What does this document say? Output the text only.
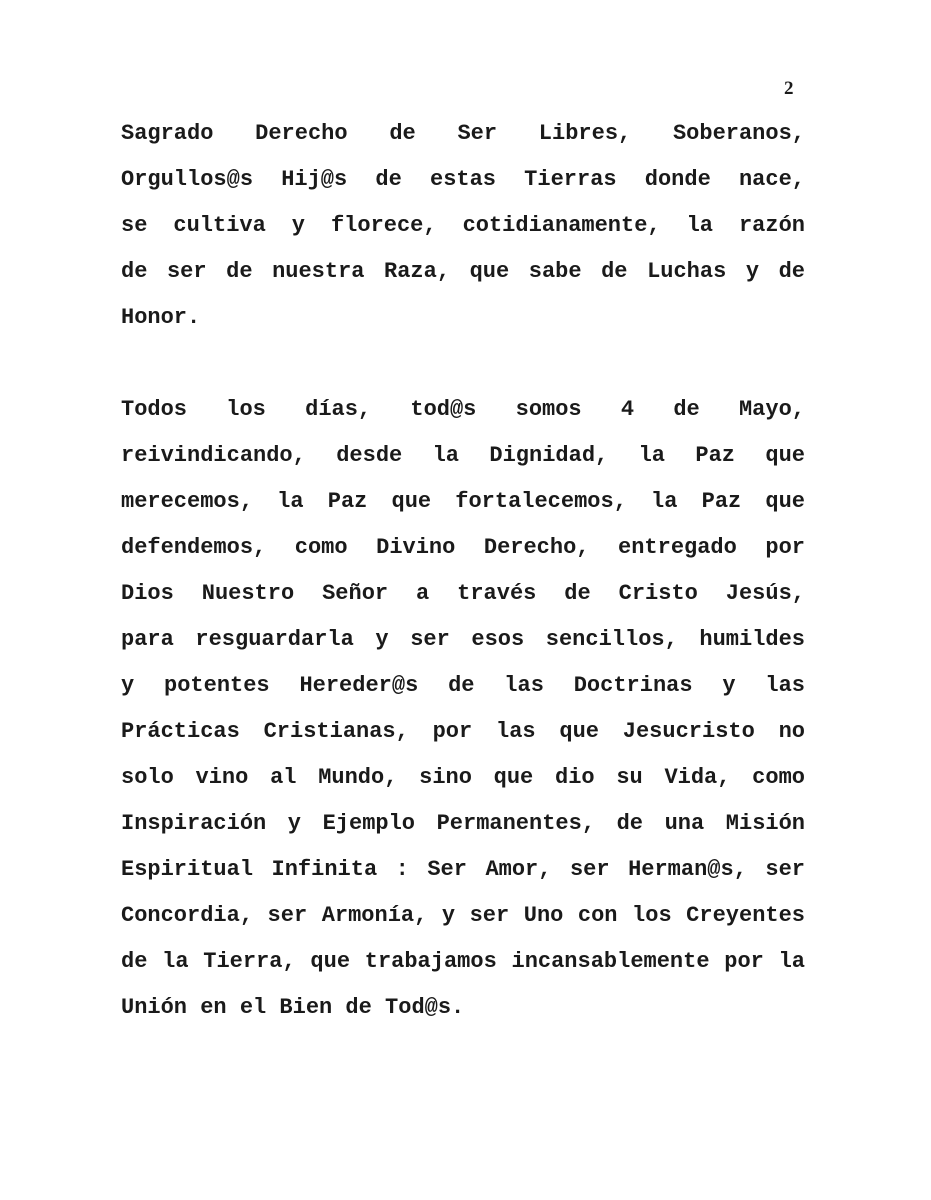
2
Sagrado Derecho de Ser Libres, Soberanos,
Orgullos@s Hij@s de estas Tierras donde nace,
se cultiva y florece, cotidianamente, la razón
de ser de nuestra Raza, que sabe de Luchas y de
Honor.
Todos los días, tod@s somos 4 de Mayo,
reivindicando, desde la Dignidad, la Paz que
merecemos, la Paz que fortalecemos, la Paz que
defendemos, como Divino Derecho, entregado por
Dios Nuestro Señor a través de Cristo Jesús,
para resguardarla y ser esos sencillos, humildes
y potentes Hereder@s de las Doctrinas y las
Prácticas Cristianas, por las que Jesucristo no
solo vino al Mundo, sino que dio su Vida, como
Inspiración y Ejemplo Permanentes, de una Misión
Espiritual Infinita : Ser Amor, ser Herman@s, ser
Concordia, ser Armonía, y ser Uno con los Creyentes
de la Tierra, que trabajamos incansablemente por la
Unión en el Bien de Tod@s.
